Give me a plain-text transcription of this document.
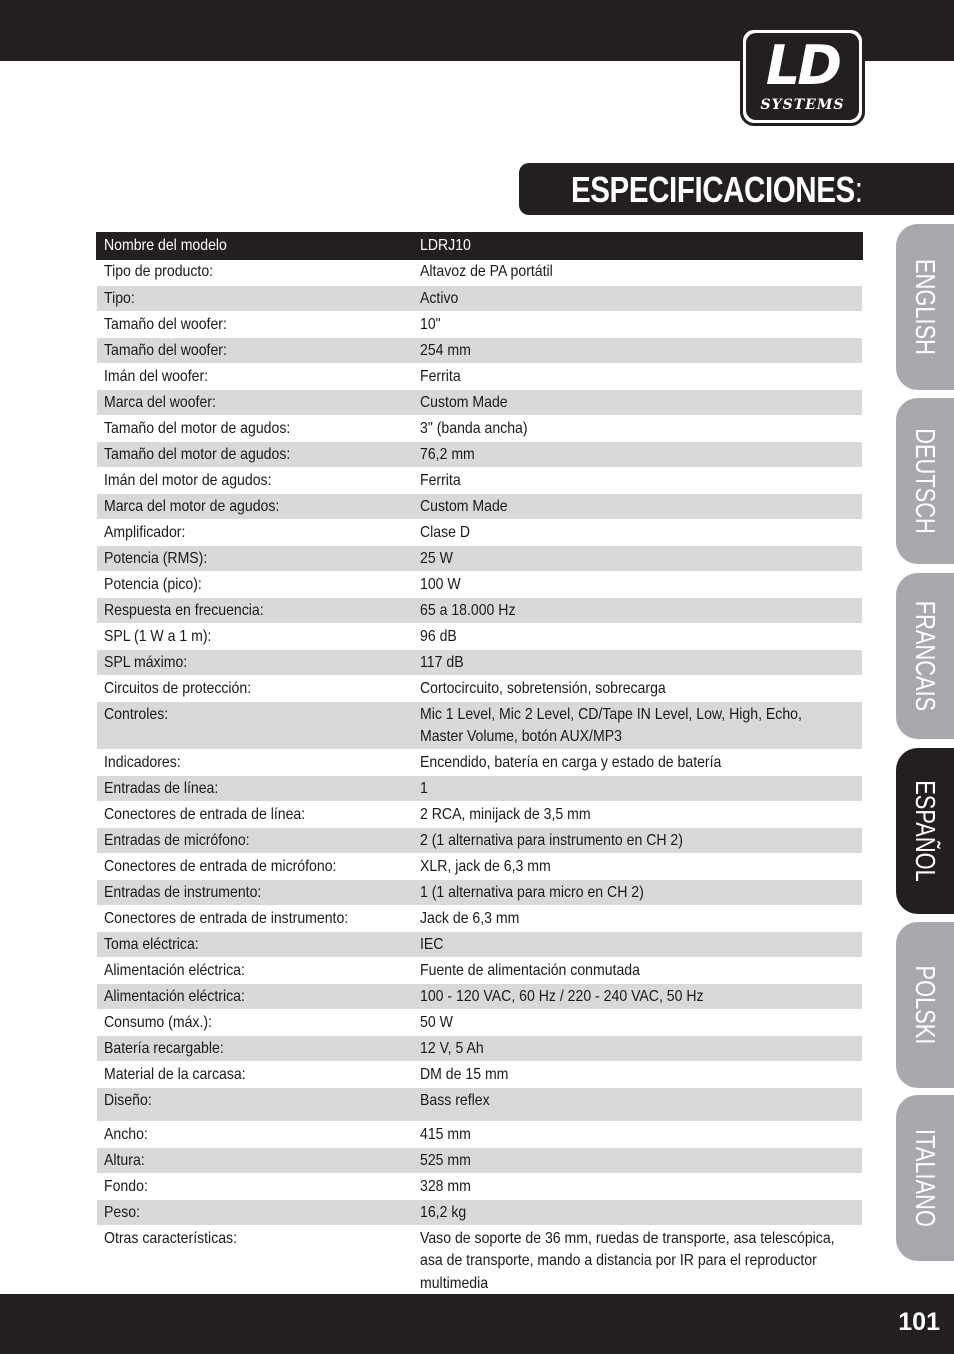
LD
SYSTEMS
ESPECIFICACIONES:
Nombre del modelo	LDRJ10

Tipo de producto:	Altavoz de PA portátil

Tipo:	Activo

Tamaño del woofer:	10"

Tamaño del woofer:	254 mm

Imán del woofer:	Ferrita

Marca del woofer:	Custom Made

Tamaño del motor de agudos:	3" (banda ancha)

Tamaño del motor de agudos:	76,2 mm

Imán del motor de agudos:	Ferrita

Marca del motor de agudos:	Custom Made

Amplificador:	Clase D

Potencia (RMS):	25 W

Potencia (pico):	100 W

Respuesta en frecuencia:	65 a 18.000 Hz

SPL (1 W a 1 m):	96 dB

SPL máximo:	117 dB

Circuitos de protección:	Cortocircuito, sobretensión, sobrecarga

Controles:	Mic 1 Level, Mic 2 Level, CD/Tape IN Level, Low, High, Echo,
Master Volume, botón AUX/MP3

Indicadores:	Encendido, batería en carga y estado de batería

Entradas de línea:	1

Conectores de entrada de línea:	2 RCA, minijack de 3,5 mm

Entradas de micrófono:	2 (1 alternativa para instrumento en CH 2)

Conectores de entrada de micrófono:	XLR, jack de 6,3 mm

Entradas de instrumento:	1 (1 alternativa para micro en CH 2)

Conectores de entrada de instrumento:	Jack de 6,3 mm

Toma eléctrica:	IEC

Alimentación eléctrica:	Fuente de alimentación conmutada

Alimentación eléctrica:	100 - 120 VAC, 60 Hz / 220 - 240 VAC, 50 Hz

Consumo (máx.):	50 W

Batería recargable:	12 V, 5 Ah

Material de la carcasa:	DM de 15 mm

Diseño:	Bass reflex

Ancho:	415 mm

Altura:	525 mm

Fondo:	328 mm

Peso:	16,2 kg

Otras características:	Vaso de soporte de 36 mm, ruedas de transporte, asa telescópica,
asa de transporte, mando a distancia por IR para el reproductor
multimedia
ENGLISH
DEUTSCH
FRANCAIS
ESPAÑOL
POLSKI
ITALIANO
101
